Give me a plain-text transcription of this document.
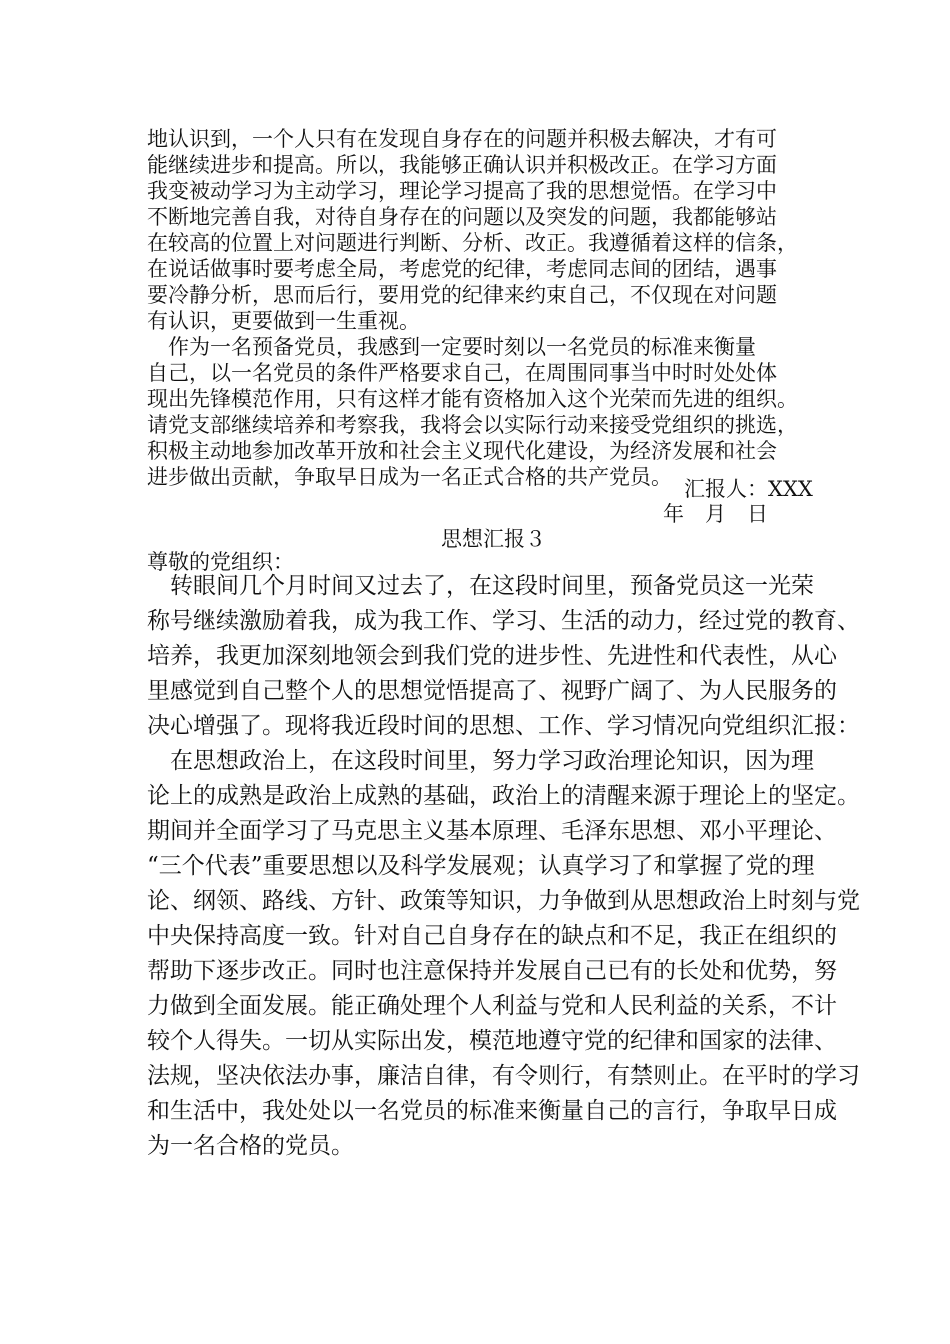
地认识到，一个人只有在发现自身存在的问题并积极去解决，才有可
能继续进步和提高。所以，我能够正确认识并积极改正。在学习方面
我变被动学习为主动学习，理论学习提高了我的思想觉悟。在学习中
不断地完善自我，对待自身存在的问题以及突发的问题，我都能够站
在较高的位置上对问题进行判断、分析、改正。我遵循着这样的信条，
在说话做事时要考虑全局，考虑党的纪律，考虑同志间的团结，遇事
要冷静分析，思而后行，要用党的纪律来约束自己，不仅现在对问题
有认识，更要做到一生重视。
　作为一名预备党员，我感到一定要时刻以一名党员的标准来衡量
自己，以一名党员的条件严格要求自己，在周围同事当中时时处处体
现出先锋模范作用，只有这样才能有资格加入这个光荣而先进的组织。
请党支部继续培养和考察我，我将会以实际行动来接受党组织的挑选，
积极主动地参加改革开放和社会主义现代化建设，为经济发展和社会
进步做出贡献，争取早日成为一名正式合格的共产党员。 汇报人：XXX
年　月　日
思想汇报３
尊敬的党组织：
　转眼间几个月时间又过去了，在这段时间里，预备党员这一光荣
称号继续激励着我，成为我工作、学习、生活的动力，经过党的教育、
培养，我更加深刻地领会到我们党的进步性、先进性和代表性，从心
里感觉到自己整个人的思想觉悟提高了、视野广阔了、为人民服务的
决心增强了。现将我近段时间的思想、工作、学习情况向党组织汇报：
　在思想政治上，在这段时间里，努力学习政治理论知识，因为理
论上的成熟是政治上成熟的基础，政治上的清醒来源于理论上的坚定。
期间并全面学习了马克思主义基本原理、毛泽东思想、邓小平理论、
“三个代表”重要思想以及科学发展观；认真学习了和掌握了党的理
论、纲领、路线、方针、政策等知识，力争做到从思想政治上时刻与党
中央保持高度一致。针对自己自身存在的缺点和不足，我正在组织的
帮助下逐步改正。同时也注意保持并发展自己已有的长处和优势，努
力做到全面发展。能正确处理个人利益与党和人民利益的关系，不计
较个人得失。一切从实际出发，模范地遵守党的纪律和国家的法律、
法规，坚决依法办事，廉洁自律，有令则行，有禁则止。在平时的学习
和生活中，我处处以一名党员的标准来衡量自己的言行，争取早日成
为一名合格的党员。
